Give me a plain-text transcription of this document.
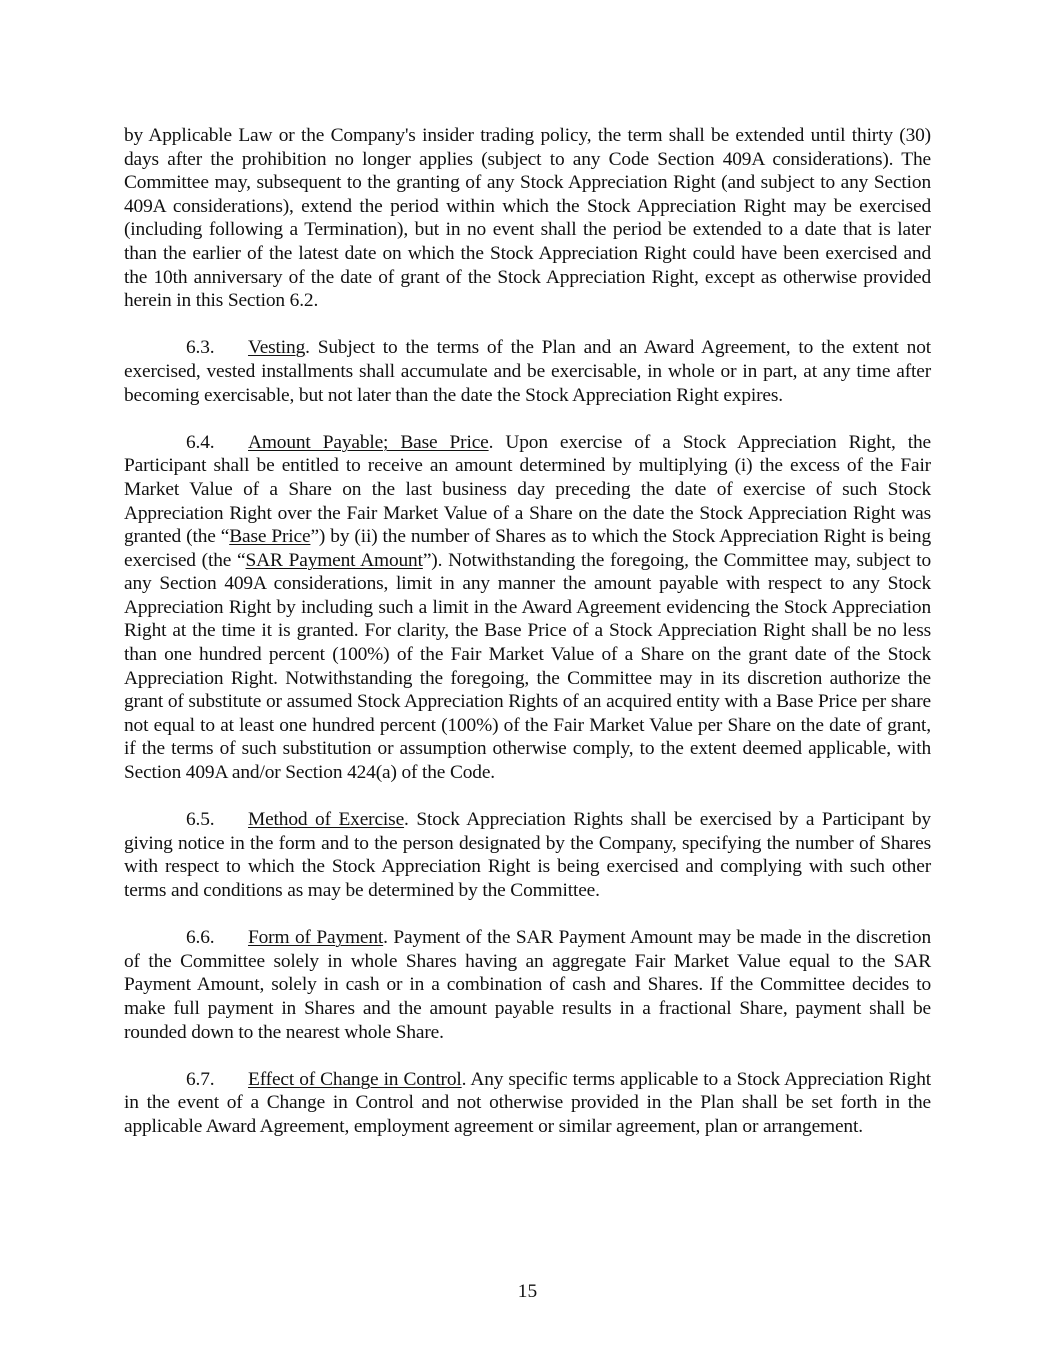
by Applicable Law or the Company's insider trading policy, the term shall be extended until thirty (30) days after the prohibition no longer applies (subject to any Code Section 409A considerations). The Committee may, subsequent to the granting of any Stock Appreciation Right (and subject to any Section 409A considerations), extend the period within which the Stock Appreciation Right may be exercised (including following a Termination), but in no event shall the period be extended to a date that is later than the earlier of the latest date on which the Stock Appreciation Right could have been exercised and the 10th anniversary of the date of grant of the Stock Appreciation Right, except as otherwise provided herein in this Section 6.2.

6.3. Vesting. Subject to the terms of the Plan and an Award Agreement, to the extent not exercised, vested installments shall accumulate and be exercisable, in whole or in part, at any time after becoming exercisable, but not later than the date the Stock Appreciation Right expires.

6.4. Amount Payable; Base Price. Upon exercise of a Stock Appreciation Right, the Participant shall be entitled to receive an amount determined by multiplying (i) the excess of the Fair Market Value of a Share on the last business day preceding the date of exercise of such Stock Appreciation Right over the Fair Market Value of a Share on the date the Stock Appreciation Right was granted (the “Base Price”) by (ii) the number of Shares as to which the Stock Appreciation Right is being exercised (the “SAR Payment Amount”). Notwithstanding the foregoing, the Committee may, subject to any Section 409A considerations, limit in any manner the amount payable with respect to any Stock Appreciation Right by including such a limit in the Award Agreement evidencing the Stock Appreciation Right at the time it is granted. For clarity, the Base Price of a Stock Appreciation Right shall be no less than one hundred percent (100%) of the Fair Market Value of a Share on the grant date of the Stock Appreciation Right. Notwithstanding the foregoing, the Committee may in its discretion authorize the grant of substitute or assumed Stock Appreciation Rights of an acquired entity with a Base Price per share not equal to at least one hundred percent (100%) of the Fair Market Value per Share on the date of grant, if the terms of such substitution or assumption otherwise comply, to the extent deemed applicable, with Section 409A and/or Section 424(a) of the Code.

6.5. Method of Exercise. Stock Appreciation Rights shall be exercised by a Participant by giving notice in the form and to the person designated by the Company, specifying the number of Shares with respect to which the Stock Appreciation Right is being exercised and complying with such other terms and conditions as may be determined by the Committee.

6.6. Form of Payment. Payment of the SAR Payment Amount may be made in the discretion of the Committee solely in whole Shares having an aggregate Fair Market Value equal to the SAR Payment Amount, solely in cash or in a combination of cash and Shares. If the Committee decides to make full payment in Shares and the amount payable results in a fractional Share, payment shall be rounded down to the nearest whole Share.

6.7. Effect of Change in Control. Any specific terms applicable to a Stock Appreciation Right in the event of a Change in Control and not otherwise provided in the Plan shall be set forth in the applicable Award Agreement, employment agreement or similar agreement, plan or arrangement.

15
